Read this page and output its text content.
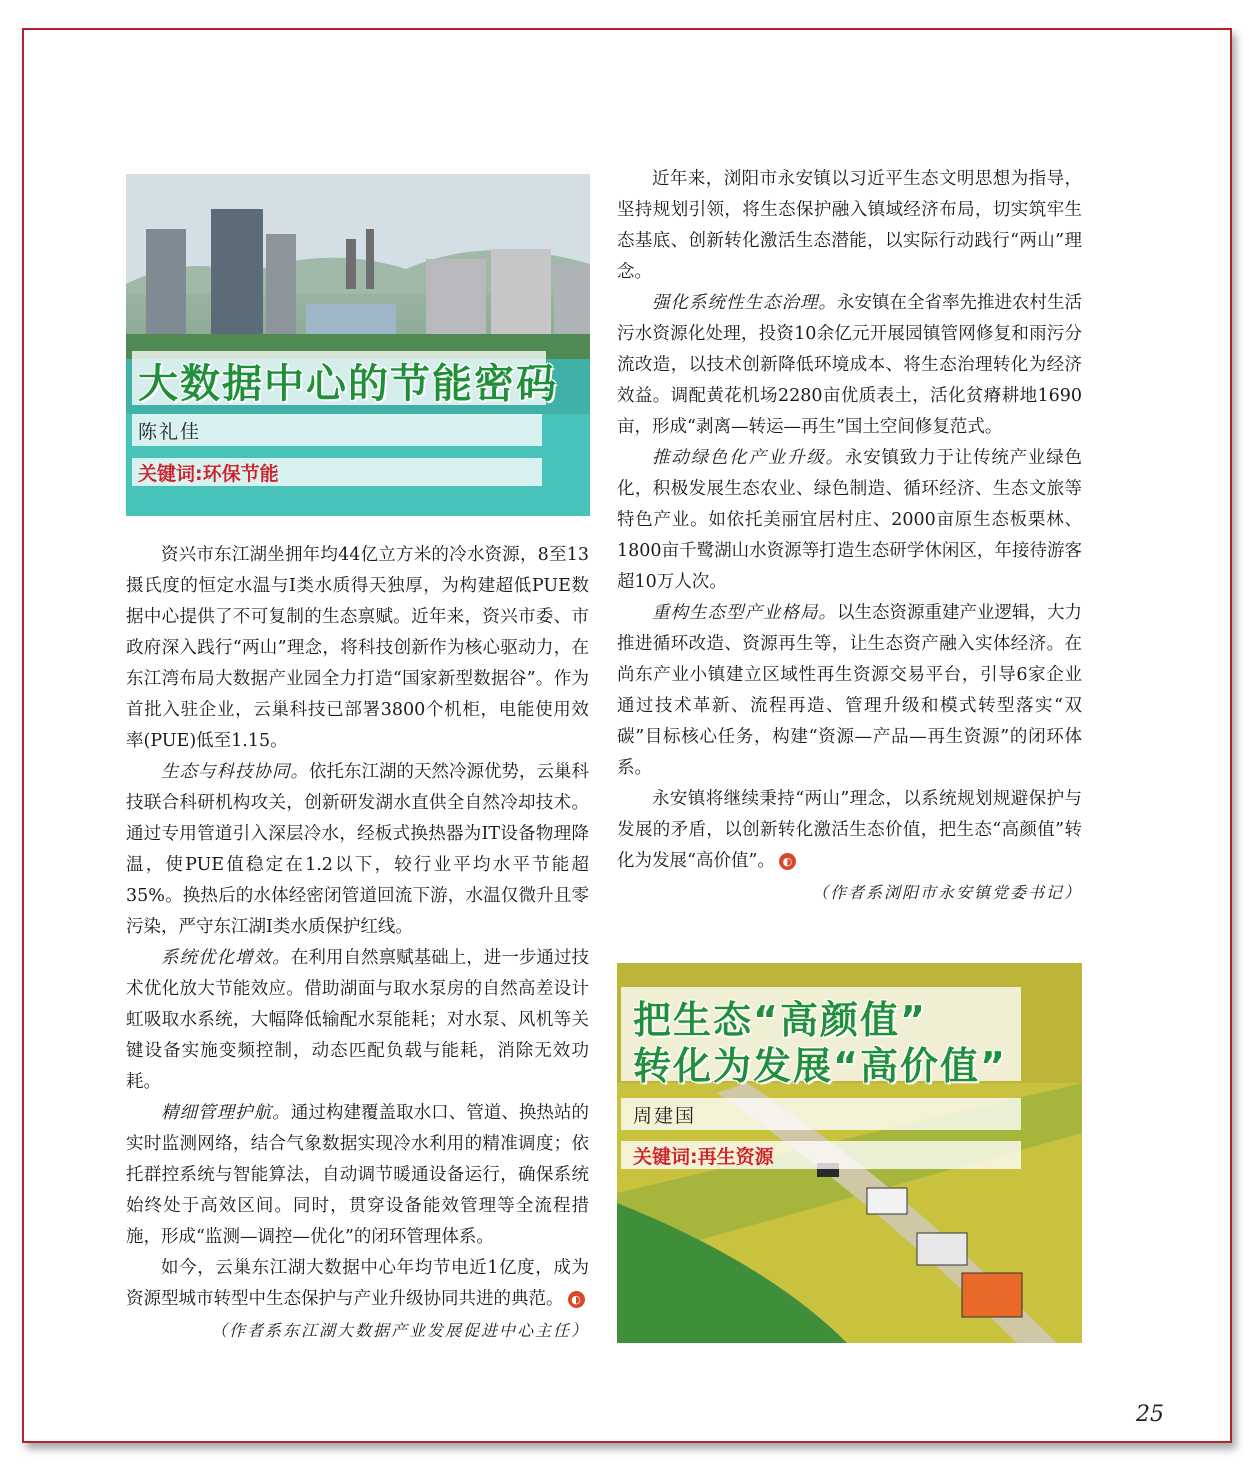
大数据中心的节能密码
陈礼佳
关键词:环保节能

资兴市东江湖坐拥年均44亿立方米的冷水资源，8至13摄氏度的恒定水温与I类水质得天独厚，为构建超低PUE数据中心提供了不可复制的生态禀赋。近年来，资兴市委、市政府深入践行“两山”理念，将科技创新作为核心驱动力，在东江湾布局大数据产业园全力打造“国家新型数据谷”。作为首批入驻企业，云巢科技已部署3800个机柜，电能使用效率(PUE)低至1.15。

生态与科技协同。依托东江湖的天然冷源优势，云巢科技联合科研机构攻关，创新研发湖水直供全自然冷却技术。通过专用管道引入深层冷水，经板式换热器为IT设备物理降温，使PUE值稳定在1.2以下，较行业平均水平节能超35%。换热后的水体经密闭管道回流下游，水温仅微升且零污染，严守东江湖I类水质保护红线。

系统优化增效。在利用自然禀赋基础上，进一步通过技术优化放大节能效应。借助湖面与取水泵房的自然高差设计虹吸取水系统，大幅降低输配水泵能耗；对水泵、风机等关键设备实施变频控制，动态匹配负载与能耗，消除无效功耗。

精细管理护航。通过构建覆盖取水口、管道、换热站的实时监测网络，结合气象数据实现冷水利用的精准调度；依托群控系统与智能算法，自动调节暖通设备运行，确保系统始终处于高效区间。同时，贯穿设备能效管理等全流程措施，形成“监测—调控—优化”的闭环管理体系。

如今，云巢东江湖大数据中心年均节电近1亿度，成为资源型城市转型中生态保护与产业升级协同共进的典范。 ◐

（作者系东江湖大数据产业发展促进中心主任）

近年来，浏阳市永安镇以习近平生态文明思想为指导，坚持规划引领，将生态保护融入镇域经济布局，切实筑牢生态基底、创新转化激活生态潜能，以实际行动践行“两山”理念。

强化系统性生态治理。永安镇在全省率先推进农村生活污水资源化处理，投资10余亿元开展园镇管网修复和雨污分流改造，以技术创新降低环境成本、将生态治理转化为经济效益。调配黄花机场2280亩优质表土，活化贫瘠耕地1690亩，形成“剥离—转运—再生”国土空间修复范式。

推动绿色化产业升级。永安镇致力于让传统产业绿色化，积极发展生态农业、绿色制造、循环经济、生态文旅等特色产业。如依托美丽宜居村庄、2000亩原生态板栗林、1800亩千鹭湖山水资源等打造生态研学休闲区，年接待游客超10万人次。

重构生态型产业格局。以生态资源重建产业逻辑，大力推进循环改造、资源再生等，让生态资产融入实体经济。在尚东产业小镇建立区域性再生资源交易平台，引导6家企业通过技术革新、流程再造、管理升级和模式转型落实“双碳”目标核心任务，构建“资源—产品—再生资源”的闭环体系。

永安镇将继续秉持“两山”理念，以系统规划规避保护与发展的矛盾，以创新转化激活生态价值，把生态“高颜值”转化为发展“高价值”。 ◐

（作者系浏阳市永安镇党委书记）

把生态“高颜值”
转化为发展“高价值”
周建国
关键词:再生资源
25
